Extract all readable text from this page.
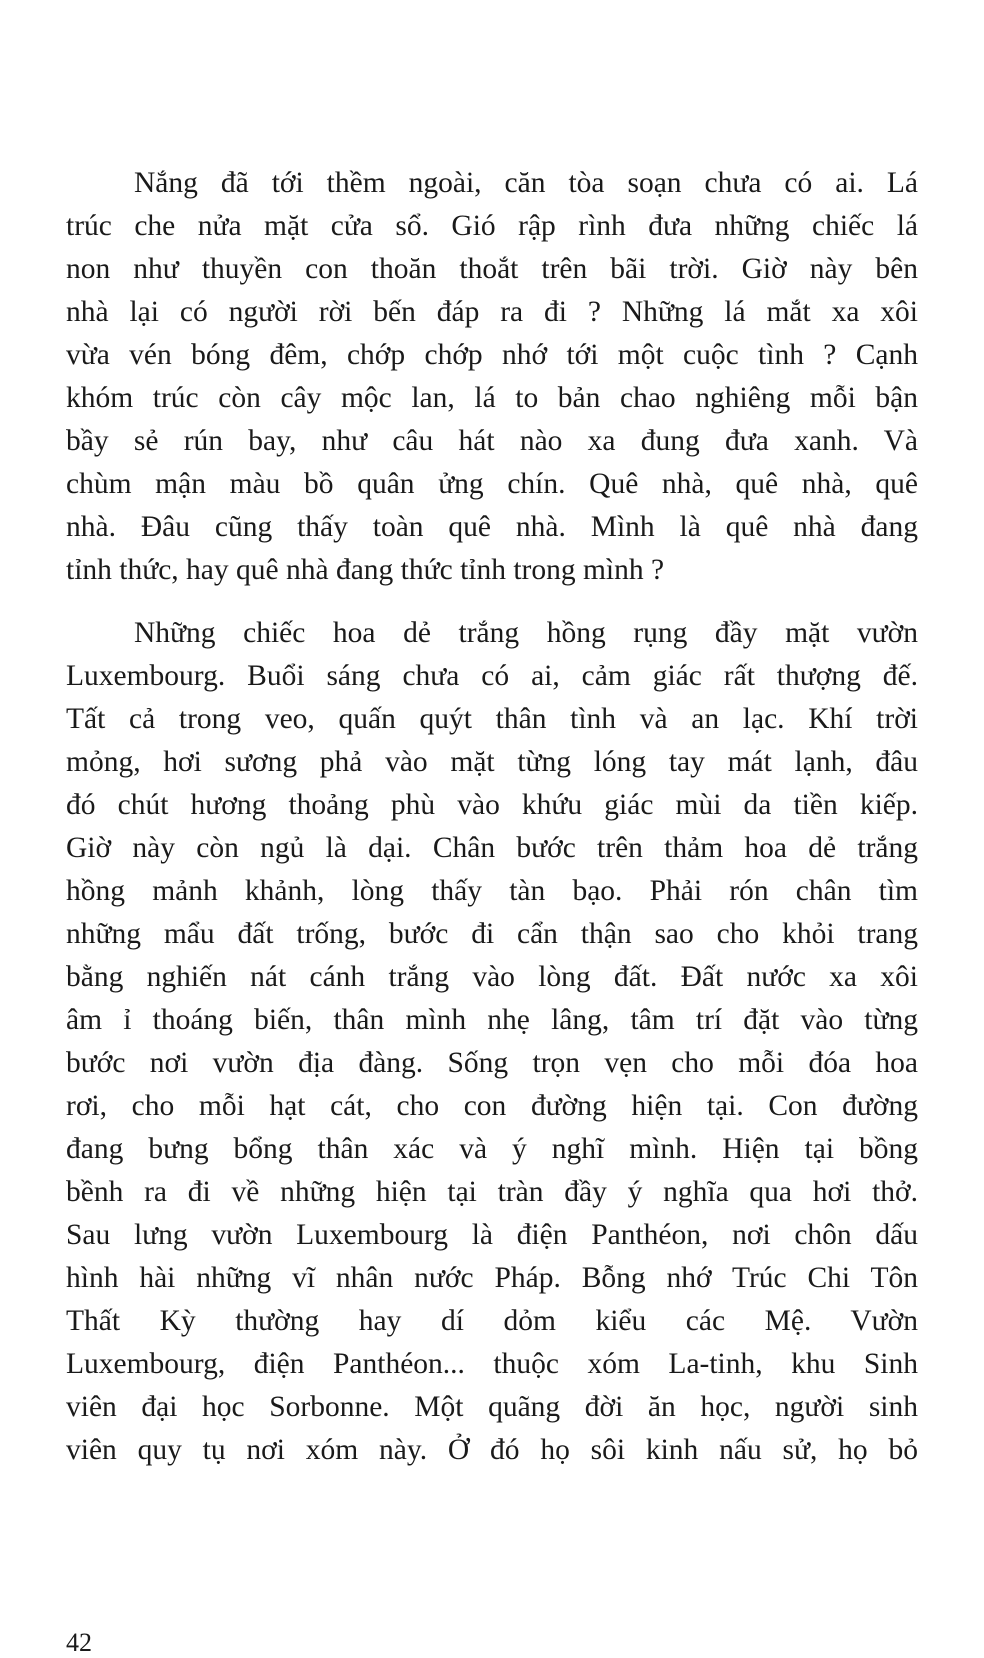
Nắng đã tới thềm ngoài, căn tòa soạn chưa có ai. Lá
trúc che nửa mặt cửa sổ. Gió rập rình đưa những chiếc lá
non như thuyền con thoăn thoắt trên bãi trời. Giờ này bên
nhà lại có người rời bến đáp ra đi ? Những lá mắt xa xôi
vừa vén bóng đêm, chớp chớp nhớ tới một cuộc tình ? Cạnh
khóm trúc còn cây mộc lan, lá to bản chao nghiêng mỗi bận
bầy sẻ rún bay, như câu hát nào xa đung đưa xanh. Và
chùm mận màu bồ quân ửng chín. Quê nhà, quê nhà, quê
nhà. Đâu cũng thấy toàn quê nhà. Mình là quê nhà đang
tỉnh thức, hay quê nhà đang thức tỉnh trong mình ?
Những chiếc hoa dẻ trắng hồng rụng đầy mặt vườn
Luxembourg. Buổi sáng chưa có ai, cảm giác rất thượng đế.
Tất cả trong veo, quấn quýt thân tình và an lạc. Khí trời
mỏng, hơi sương phả vào mặt từng lóng tay mát lạnh, đâu
đó chút hương thoảng phù vào khứu giác mùi da tiền kiếp.
Giờ này còn ngủ là dại. Chân bước trên thảm hoa dẻ trắng
hồng mảnh khảnh, lòng thấy tàn bạo. Phải rón chân tìm
những mẩu đất trống, bước đi cẩn thận sao cho khỏi trang
bằng nghiến nát cánh trắng vào lòng đất. Đất nước xa xôi
âm ỉ thoáng biến, thân mình nhẹ lâng, tâm trí đặt vào từng
bước nơi vườn địa đàng. Sống trọn vẹn cho mỗi đóa hoa
rơi, cho mỗi hạt cát, cho con đường hiện tại. Con đường
đang bưng bổng thân xác và ý nghĩ mình. Hiện tại bồng
bềnh ra đi về những hiện tại tràn đầy ý nghĩa qua hơi thở.
Sau lưng vườn Luxembourg là điện Panthéon, nơi chôn dấu
hình hài những vĩ nhân nước Pháp. Bỗng nhớ Trúc Chi Tôn
Thất Kỳ thường hay dí dỏm kiểu các Mệ. Vườn
Luxembourg, điện Panthéon... thuộc xóm La-tinh, khu Sinh
viên đại học Sorbonne. Một quãng đời ăn học, người sinh
viên quy tụ nơi xóm này. Ở đó họ sôi kinh nấu sử, họ bỏ
42
